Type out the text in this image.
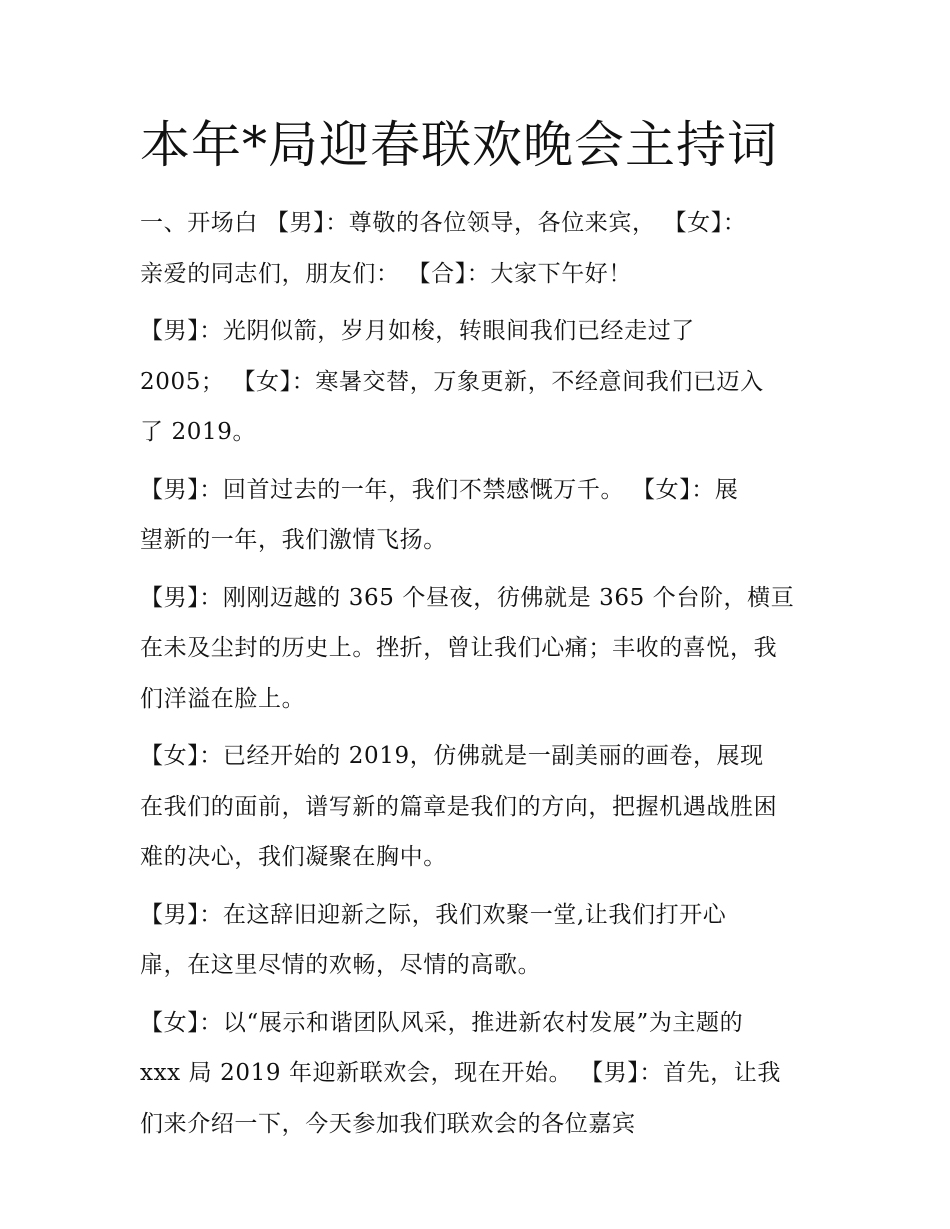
本年*局迎春联欢晚会主持词

一、开场白 【男】：尊敬的各位领导，各位来宾， 【女】：
亲爱的同志们，朋友们： 【合】：大家下午好！

【男】：光阴似箭，岁月如梭，转眼间我们已经走过了
2005； 【女】：寒暑交替，万象更新，不经意间我们已迈入
了 2019。

【男】：回首过去的一年，我们不禁感慨万千。 【女】：展
望新的一年，我们激情飞扬。

【男】：刚刚迈越的 365 个昼夜，彷佛就是 365 个台阶，横亘
在未及尘封的历史上。挫折，曾让我们心痛；丰收的喜悦，我
们洋溢在脸上。

【女】：已经开始的 2019，仿佛就是一副美丽的画卷，展现
在我们的面前，谱写新的篇章是我们的方向，把握机遇战胜困
难的决心，我们凝聚在胸中。

【男】：在这辞旧迎新之际，我们欢聚一堂,让我们打开心
扉，在这里尽情的欢畅，尽情的高歌。

【女】：以“展示和谐团队风采，推进新农村发展”为主题的
xxx 局 2019 年迎新联欢会，现在开始。 【男】：首先，让我
们来介绍一下，今天参加我们联欢会的各位嘉宾
